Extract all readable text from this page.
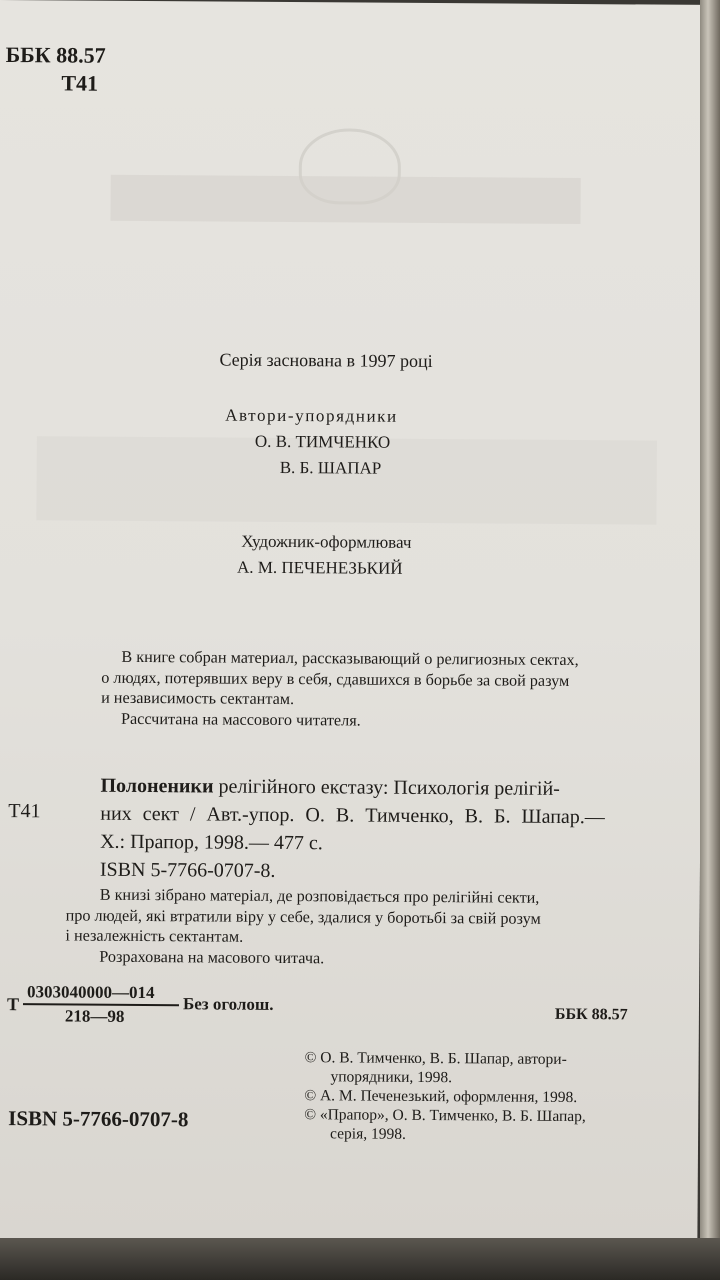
ББК 88.57
Т41
Серія заснована в 1997 році
Автори-упорядники
О. В. ТИМЧЕНКО
В. Б. ШАПАР
Художник-оформлювач
А. М. ПЕЧЕНЕЗЬКИЙ
В книге собран материал, рассказывающий о религиозных сектах,
о людях, потерявших веру в себя, сдавшихся в борьбе за свой разум
и независимость сектантам.
Рассчитана на массового читателя.
Т41
Полоненики релігійного екстазу: Психологія релігій-
них сект / Авт.-упор. О. В. Тимченко, В. Б. Шапар.—
Х.: Прапор, 1998.— 477 с.
ISBN 5-7766-0707-8.
В книзі зібрано матеріал, де розповідається про релігійні секти,
про людей, які втратили віру у себе, здалися у боротьбі за свій розум
і незалежність сектантам.
Розрахована на масового читача.
Т
0303040000—014
218—98
Без оголош.
ББК 88.57
© О. В. Тимченко, В. Б. Шапар, автори-
упорядники, 1998.
© А. М. Печенезький, оформлення, 1998.
© «Прапор», О. В. Тимченко, В. Б. Шапар,
серія, 1998.
ISBN 5-7766-0707-8
